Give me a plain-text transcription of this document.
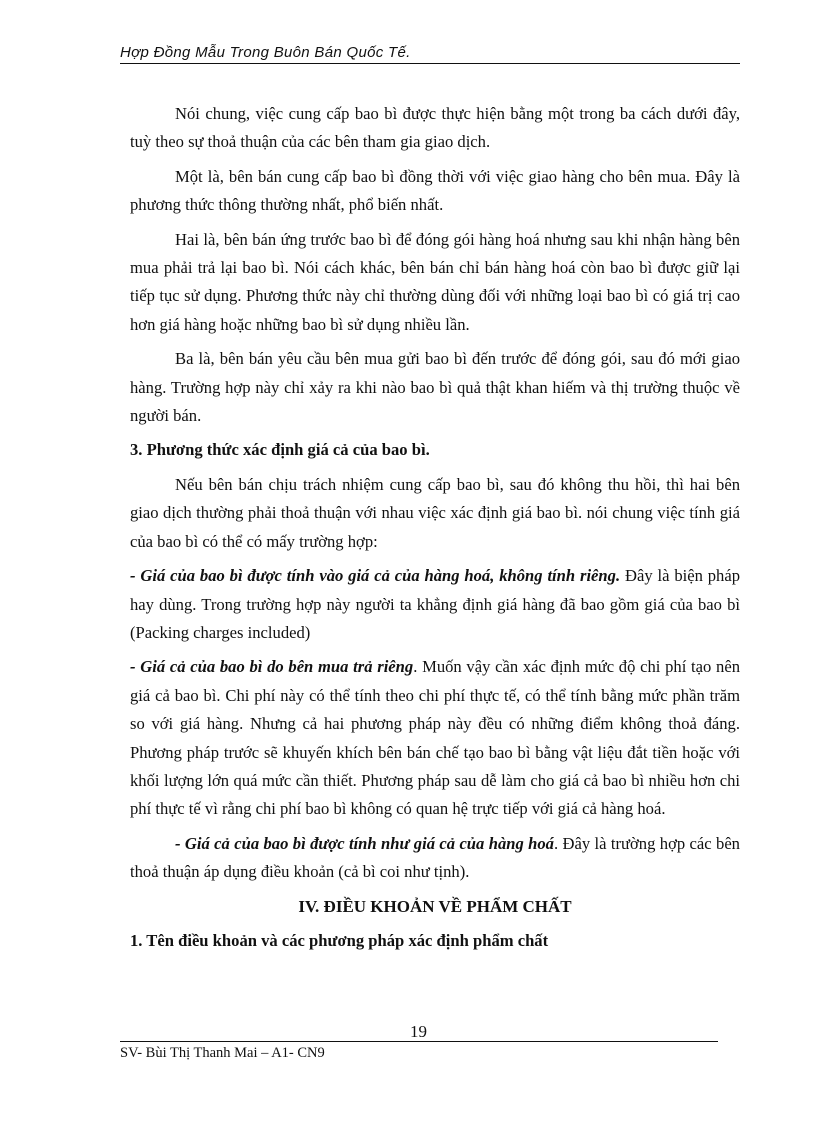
Hợp Đồng Mẫu Trong Buôn Bán Quốc Tế.

Nói chung, việc cung cấp bao bì được thực hiện bằng một trong ba cách dưới đây, tuỳ theo sự thoả thuận của các bên tham gia giao dịch.

Một là, bên bán cung cấp bao bì đồng thời với việc giao hàng cho bên mua. Đây là phương thức thông thường nhất, phổ biến nhất.

Hai là, bên bán ứng trước bao bì để đóng gói hàng hoá nhưng sau khi nhận hàng bên mua phải trả lại bao bì. Nói cách khác, bên bán chỉ bán hàng hoá còn bao bì được giữ lại tiếp tục sử dụng. Phương thức này chỉ thường dùng đối với những loại bao bì có giá trị cao hơn giá hàng hoặc những bao bì sử dụng nhiều lần.

Ba là, bên bán yêu cầu bên mua gửi bao bì đến trước để đóng gói, sau đó mới giao hàng. Trường hợp này chỉ xảy ra khi nào bao bì quả thật khan hiếm và thị trường thuộc về người bán.

3. Phương thức xác định giá cả của bao bì.

Nếu bên bán chịu trách nhiệm cung cấp bao bì, sau đó không thu hồi, thì hai bên giao dịch thường phải thoả thuận với nhau việc xác định giá bao bì. nói chung việc tính giá của bao bì có thể có mấy trường hợp:

- Giá của bao bì được tính vào giá cả của hàng hoá, không tính riêng. Đây là biện pháp hay dùng. Trong trường hợp này người ta khẳng định giá hàng đã bao gồm giá của bao bì (Packing charges included)

- Giá cả của bao bì do bên mua trả riêng. Muốn vậy cần xác định mức độ chi phí tạo nên giá cả bao bì. Chi phí này có thể tính theo chi phí thực tế, có thể tính bằng mức phần trăm so với giá hàng. Nhưng cả hai phương pháp này đều có những điểm không thoả đáng. Phương pháp trước sẽ khuyến khích bên bán chế tạo bao bì bằng vật liệu đắt tiền hoặc với khối lượng lớn quá mức cần thiết. Phương pháp sau dễ làm cho giá cả bao bì nhiều hơn chi phí thực tế vì rằng chi phí bao bì không có quan hệ trực tiếp với giá cả hàng hoá.

- Giá cả của bao bì được tính như giá cả của hàng hoá. Đây là trường hợp các bên thoả thuận áp dụng điều khoản (cả bì coi như tịnh).

IV. ĐIỀU KHOẢN VỀ PHẨM CHẤT

1. Tên điều khoản và các phương pháp xác định phẩm chất

19
SV- Bùi Thị Thanh Mai – A1- CN9
